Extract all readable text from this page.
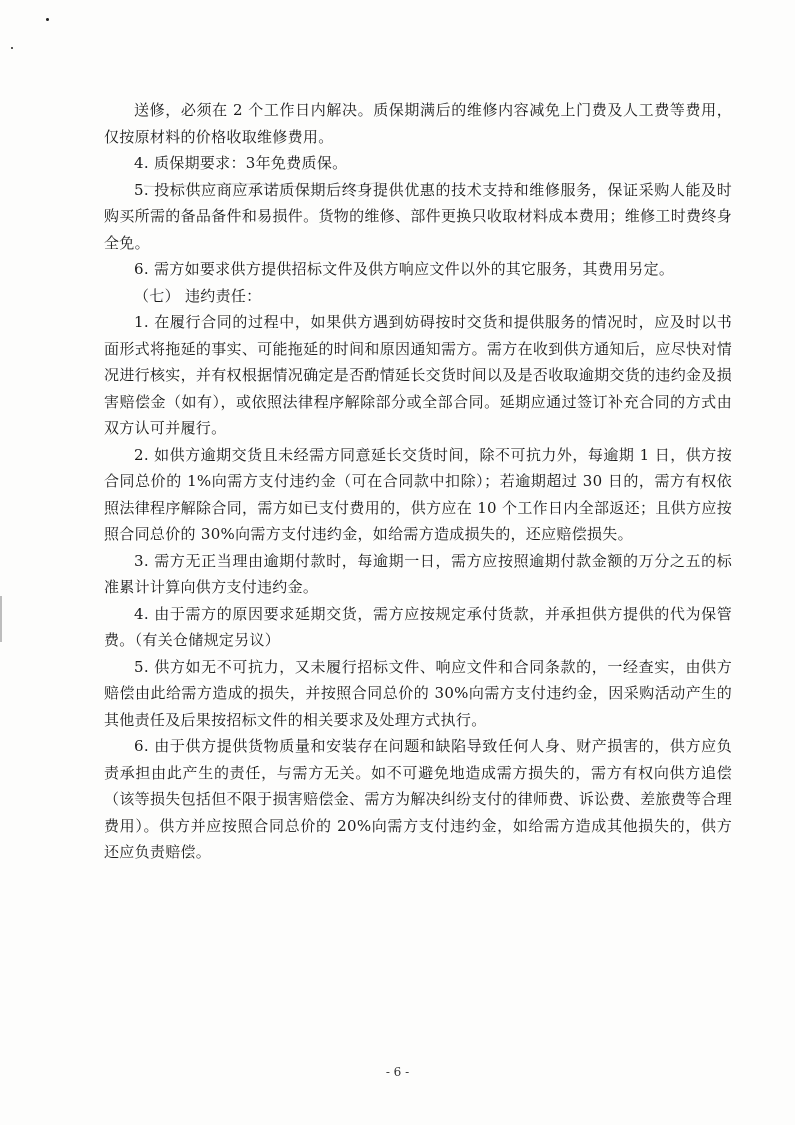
送修，必须在 2 个工作日内解决。质保期满后的维修内容减免上门费及人工费等费用，仅按原材料的价格收取维修费用。

4. 质保期要求：3年免费质保。

5. 投标供应商应承诺质保期后终身提供优惠的技术支持和维修服务，保证采购人能及时购买所需的备品备件和易损件。货物的维修、部件更换只收取材料成本费用；维修工时费终身全免。

6. 需方如要求供方提供招标文件及供方响应文件以外的其它服务，其费用另定。

（七） 违约责任：

1. 在履行合同的过程中，如果供方遇到妨碍按时交货和提供服务的情况时，应及时以书面形式将拖延的事实、可能拖延的时间和原因通知需方。需方在收到供方通知后，应尽快对情况进行核实，并有权根据情况确定是否酌情延长交货时间以及是否收取逾期交货的违约金及损害赔偿金（如有），或依照法律程序解除部分或全部合同。延期应通过签订补充合同的方式由双方认可并履行。

2. 如供方逾期交货且未经需方同意延长交货时间，除不可抗力外，每逾期 1 日，供方按合同总价的 1%向需方支付违约金（可在合同款中扣除）；若逾期超过 30 日的，需方有权依照法律程序解除合同，需方如已支付费用的，供方应在 10 个工作日内全部返还；且供方应按照合同总价的 30%向需方支付违约金，如给需方造成损失的，还应赔偿损失。

3. 需方无正当理由逾期付款时，每逾期一日，需方应按照逾期付款金额的万分之五的标准累计计算向供方支付违约金。

4. 由于需方的原因要求延期交货，需方应按规定承付货款，并承担供方提供的代为保管费。（有关仓储规定另议）

5. 供方如无不可抗力，又未履行招标文件、响应文件和合同条款的，一经查实，由供方赔偿由此给需方造成的损失，并按照合同总价的 30%向需方支付违约金，因采购活动产生的其他责任及后果按招标文件的相关要求及处理方式执行。

6. 由于供方提供货物质量和安装存在问题和缺陷导致任何人身、财产损害的，供方应负责承担由此产生的责任，与需方无关。如不可避免地造成需方损失的，需方有权向供方追偿（该等损失包括但不限于损害赔偿金、需方为解决纠纷支付的律师费、诉讼费、差旅费等合理费用）。供方并应按照合同总价的 20%向需方支付违约金，如给需方造成其他损失的，供方还应负责赔偿。

- 6 -
